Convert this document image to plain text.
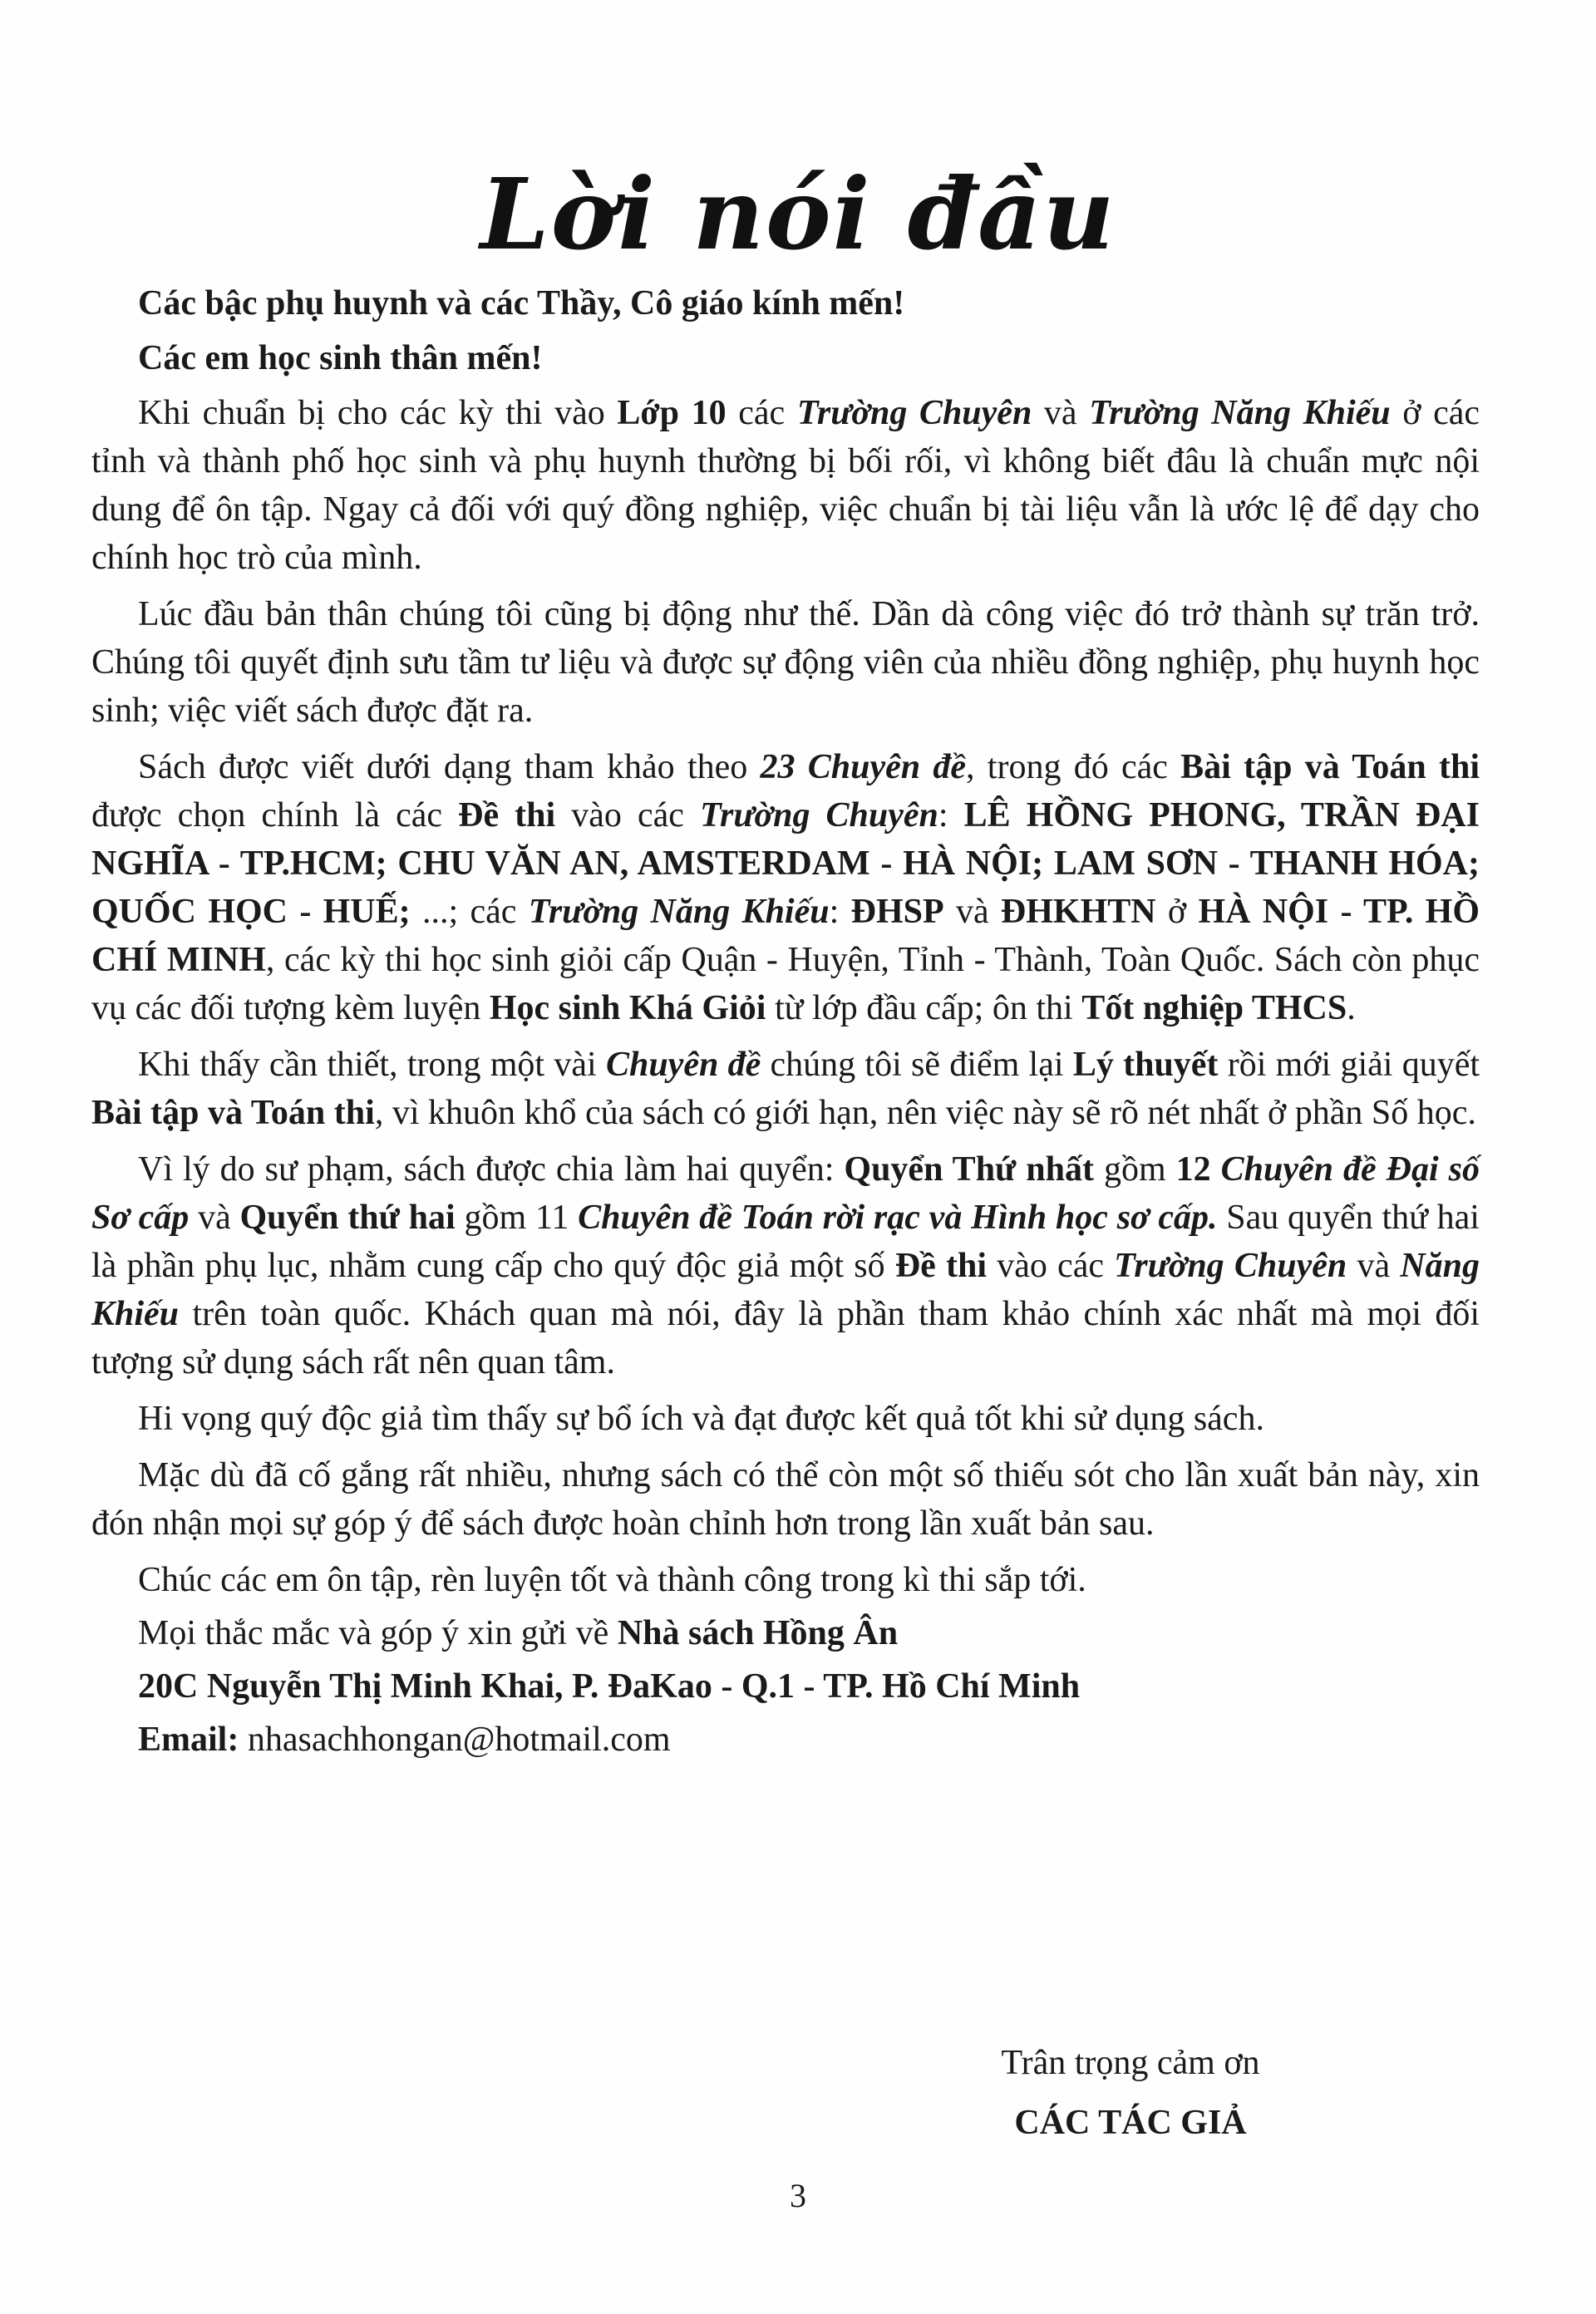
Lời nói đầu

Các bậc phụ huynh và các Thầy, Cô giáo kính mến!

Các em học sinh thân mến!

Khi chuẩn bị cho các kỳ thi vào Lớp 10 các Trường Chuyên và Trường Năng Khiếu ở các tỉnh và thành phố học sinh và phụ huynh thường bị bối rối, vì không biết đâu là chuẩn mực nội dung để ôn tập. Ngay cả đối với quý đồng nghiệp, việc chuẩn bị tài liệu vẫn là ước lệ để dạy cho chính học trò của mình.

Lúc đầu bản thân chúng tôi cũng bị động như thế. Dần dà công việc đó trở thành sự trăn trở. Chúng tôi quyết định sưu tầm tư liệu và được sự động viên của nhiều đồng nghiệp, phụ huynh học sinh; việc viết sách được đặt ra.

Sách được viết dưới dạng tham khảo theo 23 Chuyên đề, trong đó các Bài tập và Toán thi được chọn chính là các Đề thi vào các Trường Chuyên: LÊ HỒNG PHONG, TRẦN ĐẠI NGHĨA - TP.HCM; CHU VĂN AN, AMSTERDAM - HÀ NỘI; LAM SƠN - THANH HÓA; QUỐC HỌC - HUẾ; ...; các Trường Năng Khiếu: ĐHSP và ĐHKHTN ở HÀ NỘI - TP. HỒ CHÍ MINH, các kỳ thi học sinh giỏi cấp Quận - Huyện, Tỉnh - Thành, Toàn Quốc. Sách còn phục vụ các đối tượng kèm luyện Học sinh Khá Giỏi từ lớp đầu cấp; ôn thi Tốt nghiệp THCS.

Khi thấy cần thiết, trong một vài Chuyên đề chúng tôi sẽ điểm lại Lý thuyết rồi mới giải quyết Bài tập và Toán thi, vì khuôn khổ của sách có giới hạn, nên việc này sẽ rõ nét nhất ở phần Số học.

Vì lý do sư phạm, sách được chia làm hai quyển: Quyển Thứ nhất gồm 12 Chuyên đề Đại số Sơ cấp và Quyển thứ hai gồm 11 Chuyên đề Toán rời rạc và Hình học sơ cấp. Sau quyển thứ hai là phần phụ lục, nhằm cung cấp cho quý độc giả một số Đề thi vào các Trường Chuyên và Năng Khiếu trên toàn quốc. Khách quan mà nói, đây là phần tham khảo chính xác nhất mà mọi đối tượng sử dụng sách rất nên quan tâm.

Hi vọng quý độc giả tìm thấy sự bổ ích và đạt được kết quả tốt khi sử dụng sách.

Mặc dù đã cố gắng rất nhiều, nhưng sách có thể còn một số thiếu sót cho lần xuất bản này, xin đón nhận mọi sự góp ý để sách được hoàn chỉnh hơn trong lần xuất bản sau.

Chúc các em ôn tập, rèn luyện tốt và thành công trong kì thi sắp tới.

Mọi thắc mắc và góp ý xin gửi về Nhà sách Hồng Ân

20C Nguyễn Thị Minh Khai, P. ĐaKao - Q.1 - TP. Hồ Chí Minh

Email: nhasachhongan@hotmail.com

Trân trọng cảm ơn
CÁC TÁC GIẢ
3
